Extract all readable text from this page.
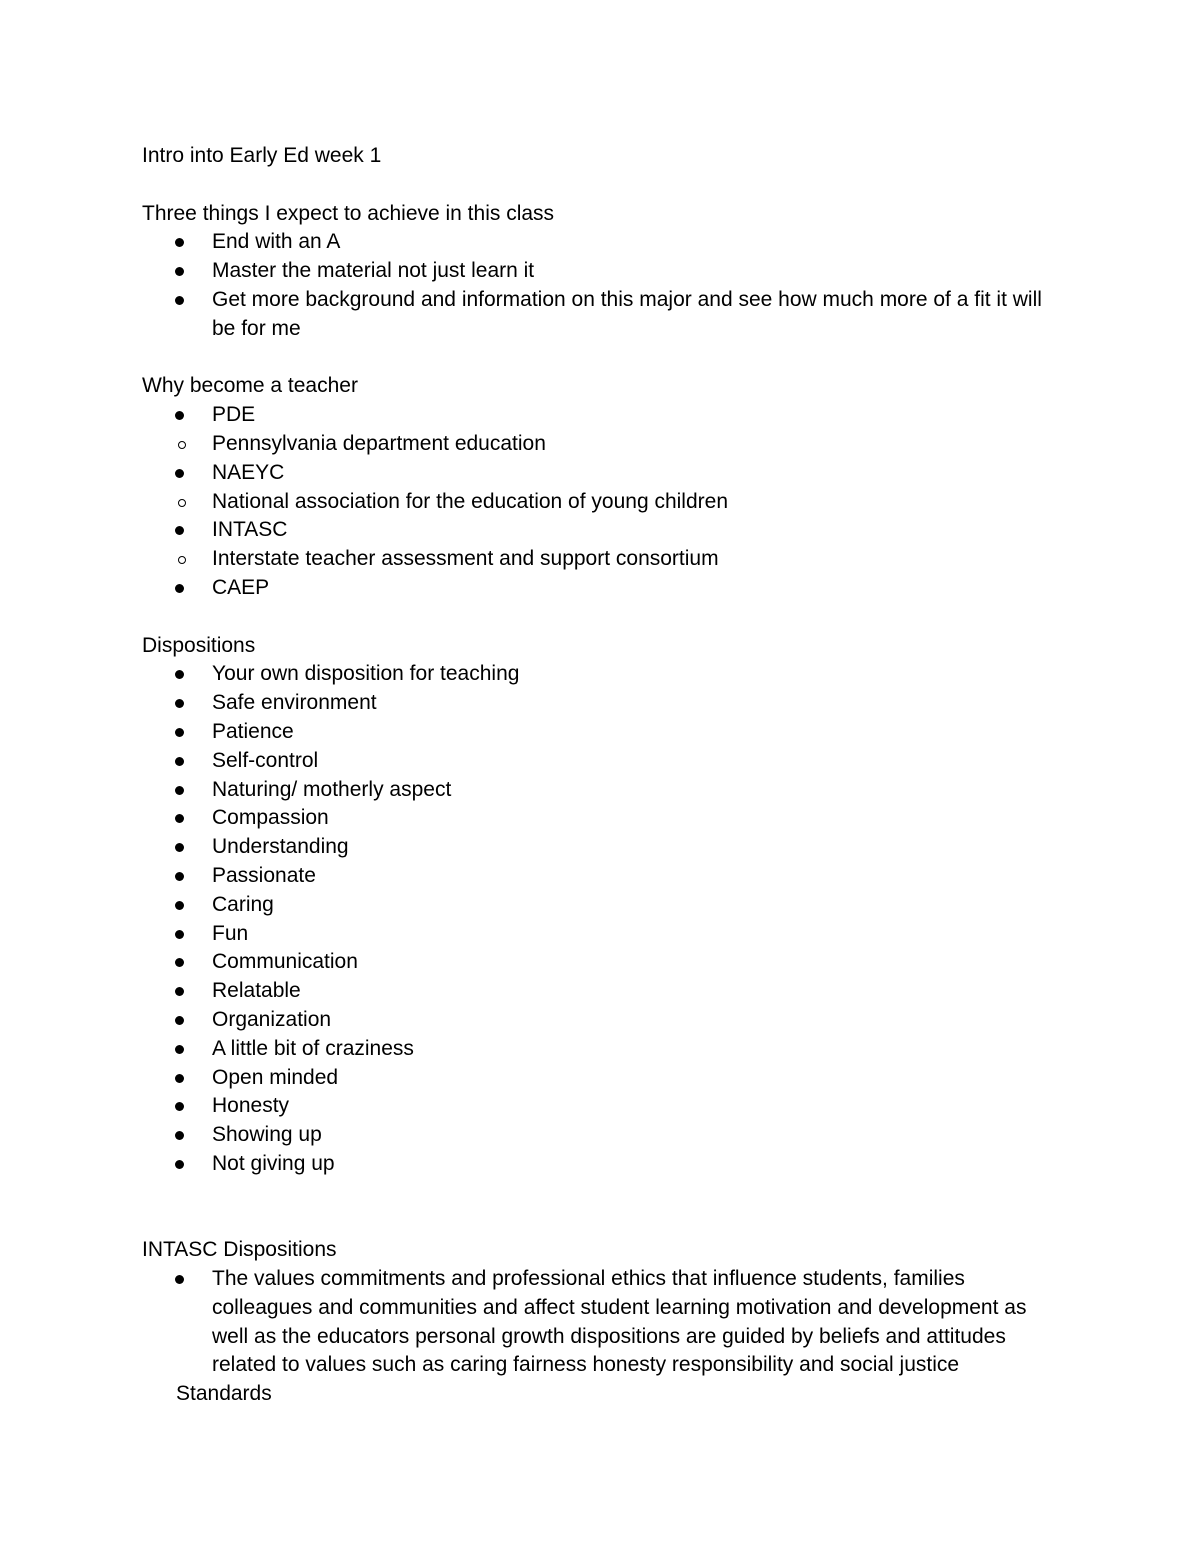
Intro into Early Ed week 1

Three things I expect to achieve in this class

End with an A
Master the material not just learn it
Get more background and information on this major and see how much more of a fit it will be for me

Why become a teacher

PDE
Pennsylvania department education
NAEYC
National association for the education of young children
INTASC
Interstate teacher assessment and support consortium
CAEP

Dispositions

Your own disposition for teaching
Safe environment
Patience
Self-control
Naturing/ motherly aspect
Compassion
Understanding
Passionate
Caring
Fun
Communication
Relatable
Organization
A little bit of craziness
Open minded
Honesty
Showing up
Not giving up

INTASC Dispositions

The values commitments and professional ethics that influence students, families colleagues and communities and affect student learning motivation and development as well as the educators personal growth dispositions are guided by beliefs and attitudes related to values such as caring fairness honesty responsibility and social justice

Standards
